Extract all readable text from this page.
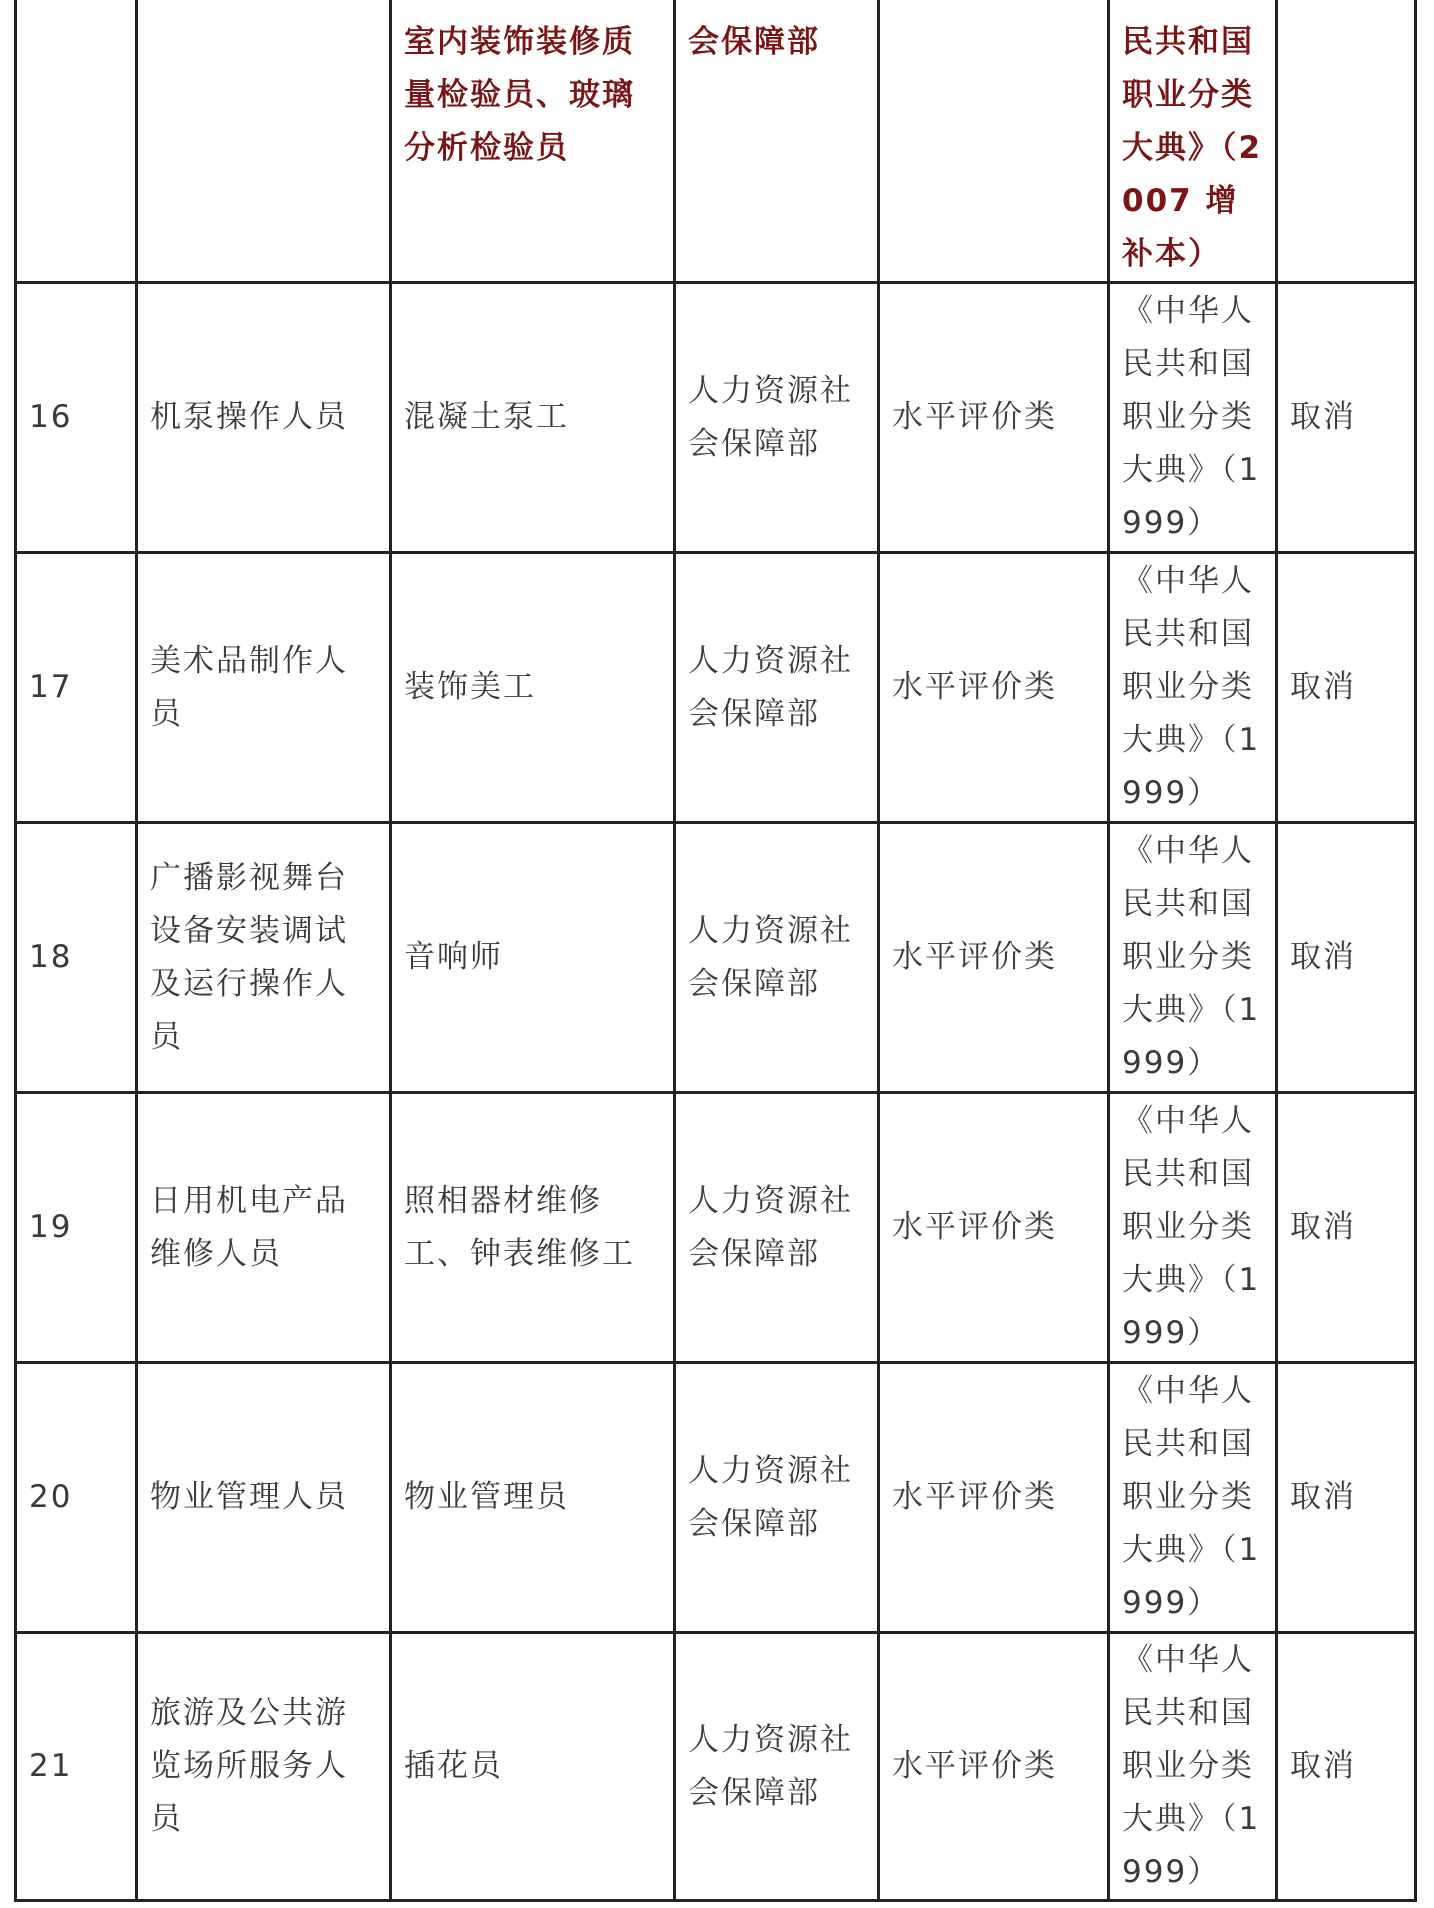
		室内装饰装修质量检验员、玻璃分析检验员	会保障部		民共和国职业分类大典》（2007 增补本）	

16	机泵操作人员	混凝土泵工	人力资源社会保障部	水平评价类	《中华人民共和国职业分类大典》（1999）	取消

17	美术品制作人员	装饰美工	人力资源社会保障部	水平评价类	《中华人民共和国职业分类大典》（1999）	取消

18	广播影视舞台设备安装调试及运行操作人员	音响师	人力资源社会保障部	水平评价类	《中华人民共和国职业分类大典》（1999）	取消

19	日用机电产品维修人员	照相器材维修工、钟表维修工	人力资源社会保障部	水平评价类	《中华人民共和国职业分类大典》（1999）	取消

20	物业管理人员	物业管理员	人力资源社会保障部	水平评价类	《中华人民共和国职业分类大典》（1999）	取消

21	旅游及公共游览场所服务人员	插花员	人力资源社会保障部	水平评价类	《中华人民共和国职业分类大典》（1999）	取消
